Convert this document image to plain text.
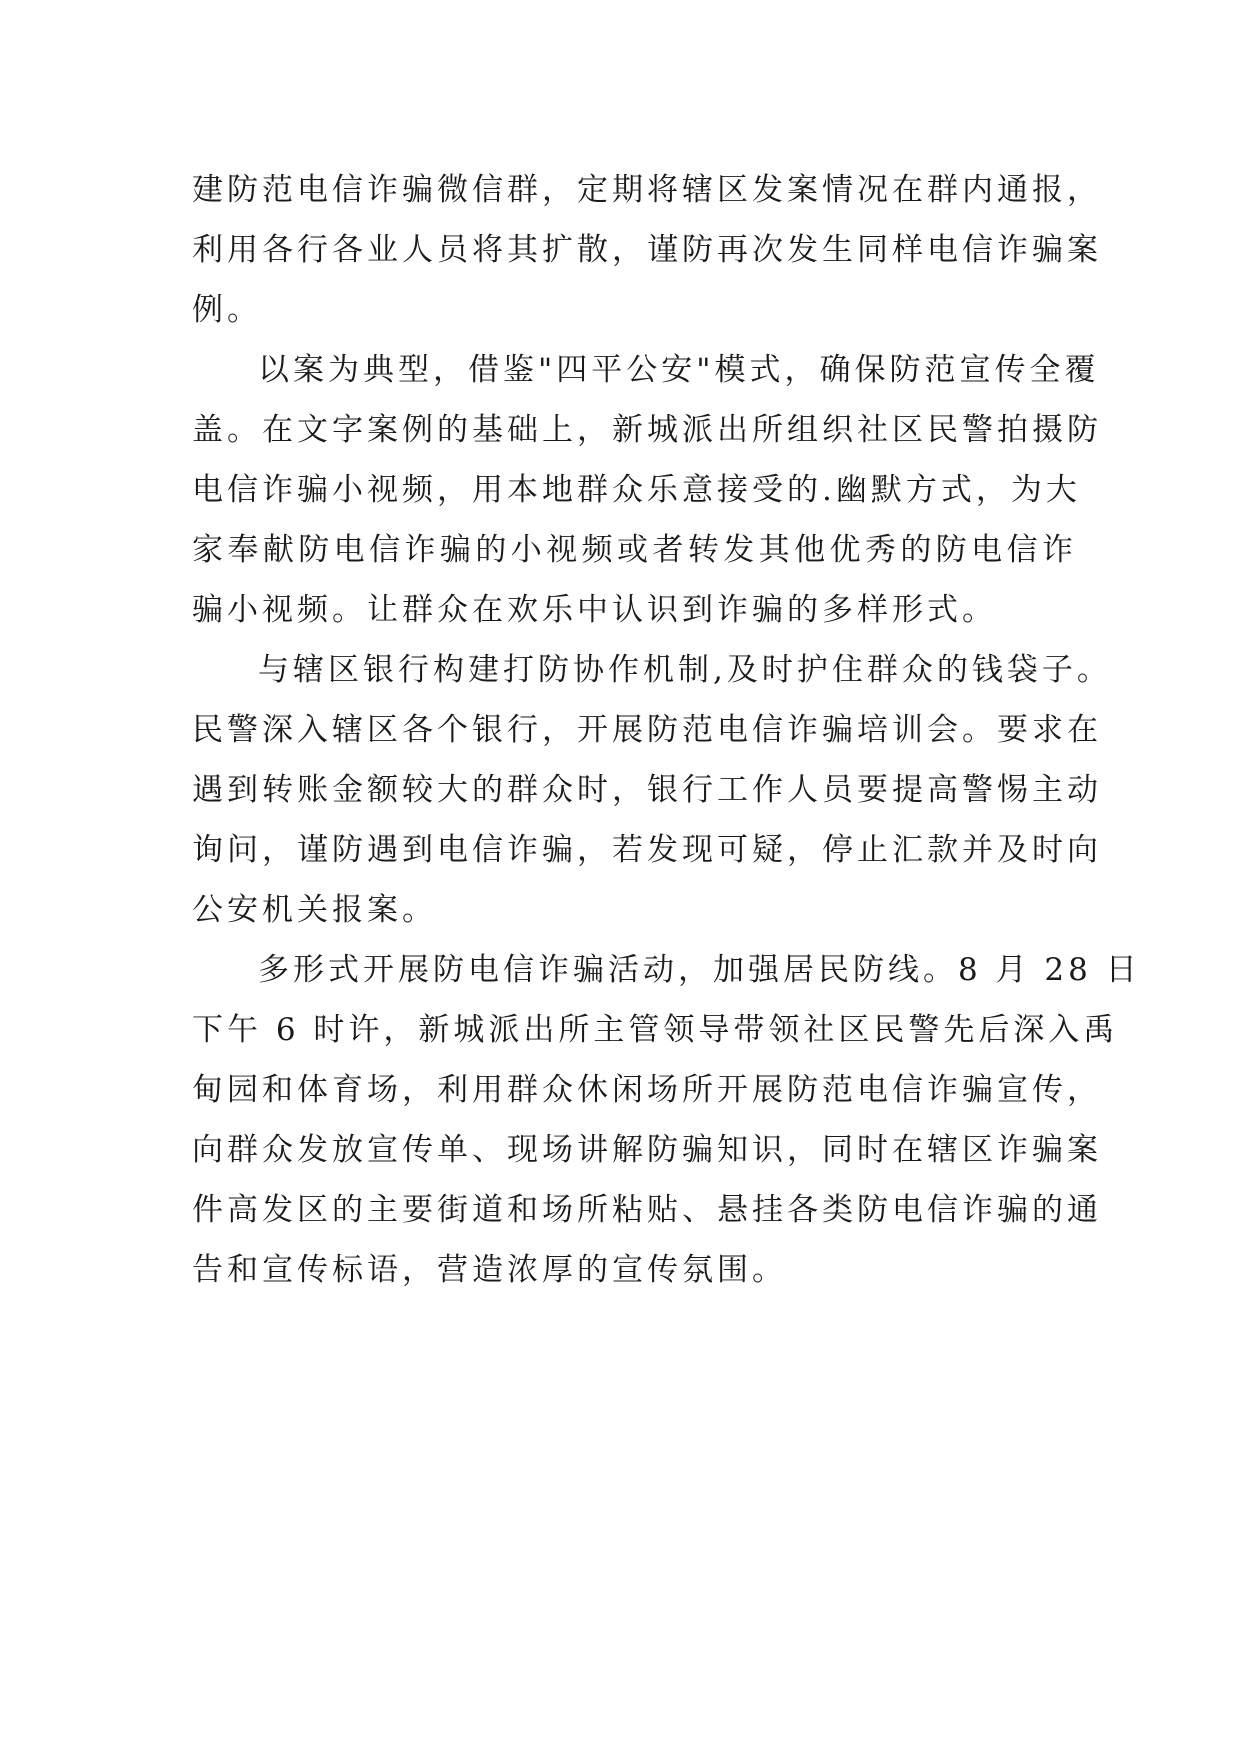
建防范电信诈骗微信群，定期将辖区发案情况在群内通报，
利用各行各业人员将其扩散，谨防再次发生同样电信诈骗案
例。
以案为典型，借鉴"四平公安"模式，确保防范宣传全覆
盖。在文字案例的基础上，新城派出所组织社区民警拍摄防
电信诈骗小视频，用本地群众乐意接受的.幽默方式，为大
家奉献防电信诈骗的小视频或者转发其他优秀的防电信诈
骗小视频。让群众在欢乐中认识到诈骗的多样形式。
与辖区银行构建打防协作机制,及时护住群众的钱袋子。
民警深入辖区各个银行，开展防范电信诈骗培训会。要求在
遇到转账金额较大的群众时，银行工作人员要提高警惕主动
询问，谨防遇到电信诈骗，若发现可疑，停止汇款并及时向
公安机关报案。
多形式开展防电信诈骗活动，加强居民防线。8 月 28 日
下午 6 时许，新城派出所主管领导带领社区民警先后深入禹
甸园和体育场，利用群众休闲场所开展防范电信诈骗宣传，
向群众发放宣传单、现场讲解防骗知识，同时在辖区诈骗案
件高发区的主要街道和场所粘贴、悬挂各类防电信诈骗的通
告和宣传标语，营造浓厚的宣传氛围。
